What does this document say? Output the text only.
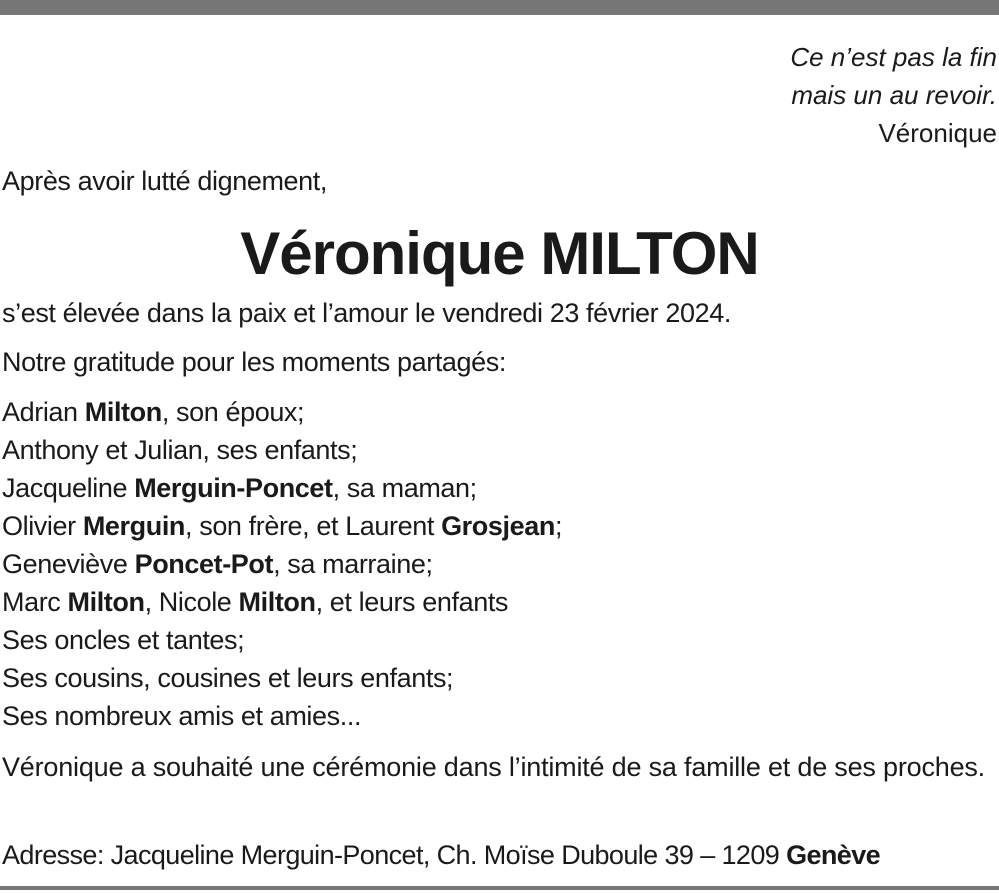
Ce n’est pas la fin
mais un au revoir.
Véronique
Après avoir lutté dignement,
Véronique MILTON
s’est élevée dans la paix et l’amour le vendredi 23 février 2024.
Notre gratitude pour les moments partagés:
Adrian Milton, son époux;
Anthony et Julian, ses enfants;
Jacqueline Merguin-Poncet, sa maman;
Olivier Merguin, son frère, et Laurent Grosjean;
Geneviève Poncet-Pot, sa marraine;
Marc Milton, Nicole Milton, et leurs enfants
Ses oncles et tantes;
Ses cousins, cousines et leurs enfants;
Ses nombreux amis et amies...
Véronique a souhaité une cérémonie dans l’intimité de sa famille et de ses proches.
Adresse: Jacqueline Merguin-Poncet, Ch. Moïse Duboule 39 – 1209 Genève
